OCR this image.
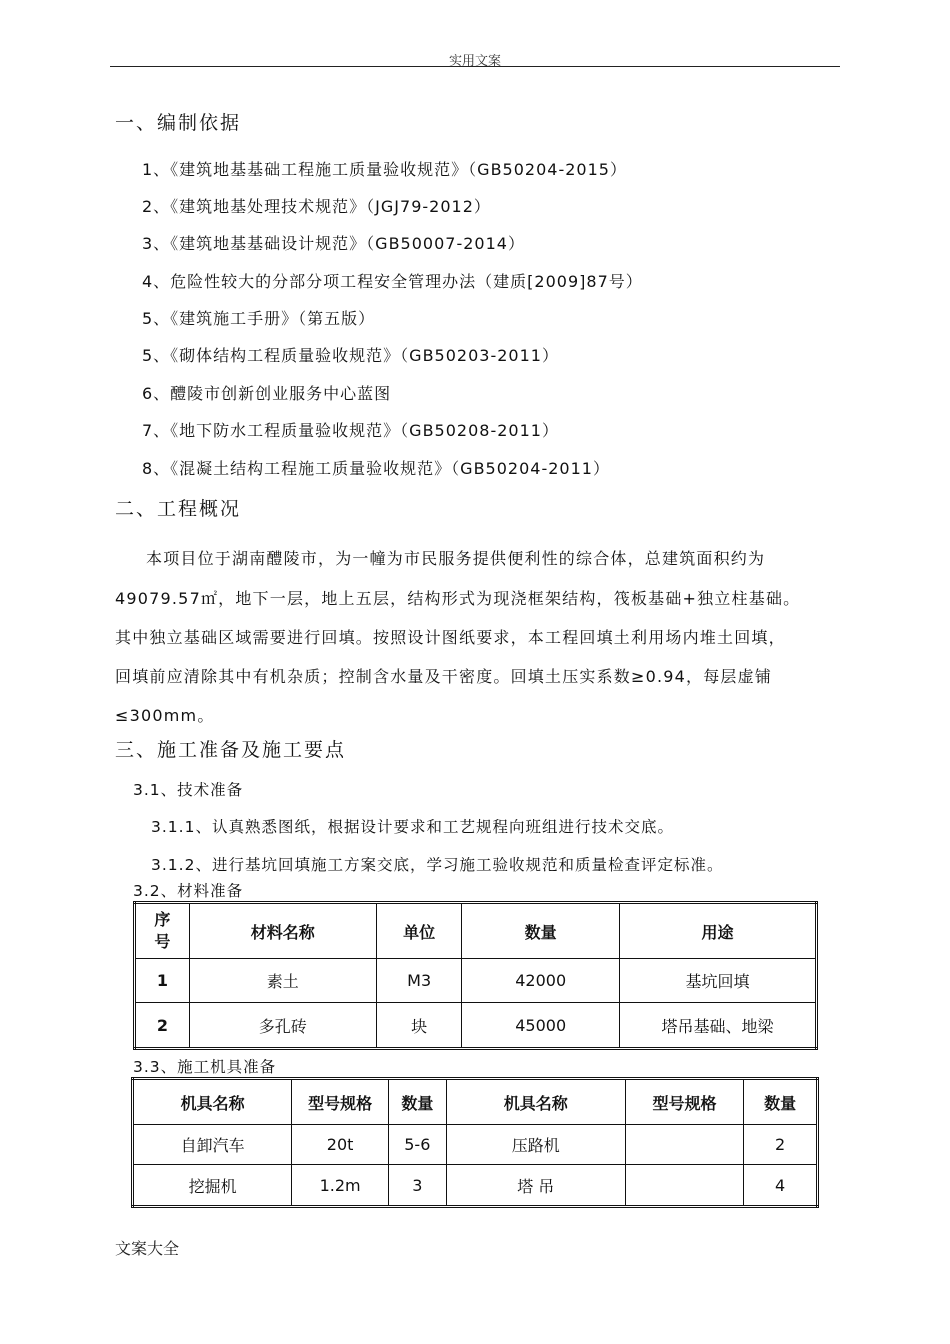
实用文案
一、编制依据
1、《建筑地基基础工程施工质量验收规范》（GB50204-2015）
2、《建筑地基处理技术规范》（JGJ79-2012）
3、《建筑地基基础设计规范》（GB50007-2014）
4、危险性较大的分部分项工程安全管理办法（建质[2009]87号）
5、《建筑施工手册》（第五版）
5、《砌体结构工程质量验收规范》（GB50203-2011）
6、醴陵市创新创业服务中心蓝图
7、《地下防水工程质量验收规范》（GB50208-2011）
8、《混凝土结构工程施工质量验收规范》（GB50204-2011）
二、工程概况
本项目位于湖南醴陵市，为一幢为市民服务提供便利性的综合体，总建筑面积约为
49079.57㎡，地下一层，地上五层，结构形式为现浇框架结构，筏板基础+独立柱基础。
其中独立基础区域需要进行回填。按照设计图纸要求，本工程回填土利用场内堆土回填，
回填前应清除其中有机杂质；控制含水量及干密度。回填土压实系数≥0.94，每层虚铺
≤300mm。
三、施工准备及施工要点
3.1、技术准备
3.1.1、认真熟悉图纸，根据设计要求和工艺规程向班组进行技术交底。
3.1.2、进行基坑回填施工方案交底，学习施工验收规范和质量检查评定标准。
3.2、材料准备
序号	材料名称	单位	数量	用途
1	素土	M3	42000	基坑回填
2	多孔砖	块	45000	塔吊基础、地梁
3.3、施工机具准备
机具名称	型号规格	数量	机具名称	型号规格	数量
自卸汽车	20t	5-6	压路机		2
挖掘机	1.2m	3	塔 吊		4
文案大全
